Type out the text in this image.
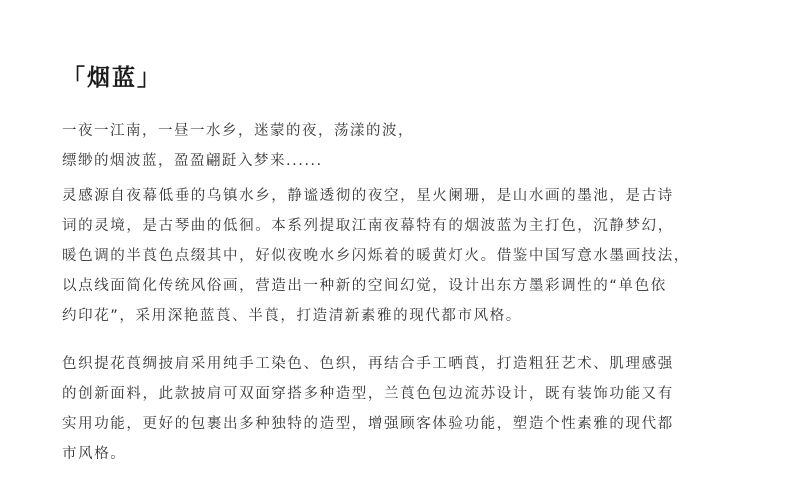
「烟蓝」
一夜一江南，一昼一水乡，迷蒙的夜，荡漾的波，
缥缈的烟波蓝，盈盈翩跹入梦来......
灵感源自夜幕低垂的乌镇水乡，静谧透彻的夜空，星火阑珊，是山水画的墨池，是古诗
词的灵境，是古琴曲的低徊。本系列提取江南夜幕特有的烟波蓝为主打色，沉静梦幻，
暖色调的半莨色点缀其中，好似夜晚水乡闪烁着的暖黄灯火。借鉴中国写意水墨画技法，
以点线面简化传统风俗画，营造出一种新的空间幻觉，设计出东方墨彩调性的“单色依
约印花”，采用深艳蓝莨、半莨，打造清新素雅的现代都市风格。
色织提花莨绸披肩采用纯手工染色、色织，再结合手工晒莨，打造粗狂艺术、肌理感强
的创新面料，此款披肩可双面穿搭多种造型，兰莨色包边流苏设计，既有装饰功能又有
实用功能，更好的包裹出多种独特的造型，增强顾客体验功能，塑造个性素雅的现代都
市风格。
